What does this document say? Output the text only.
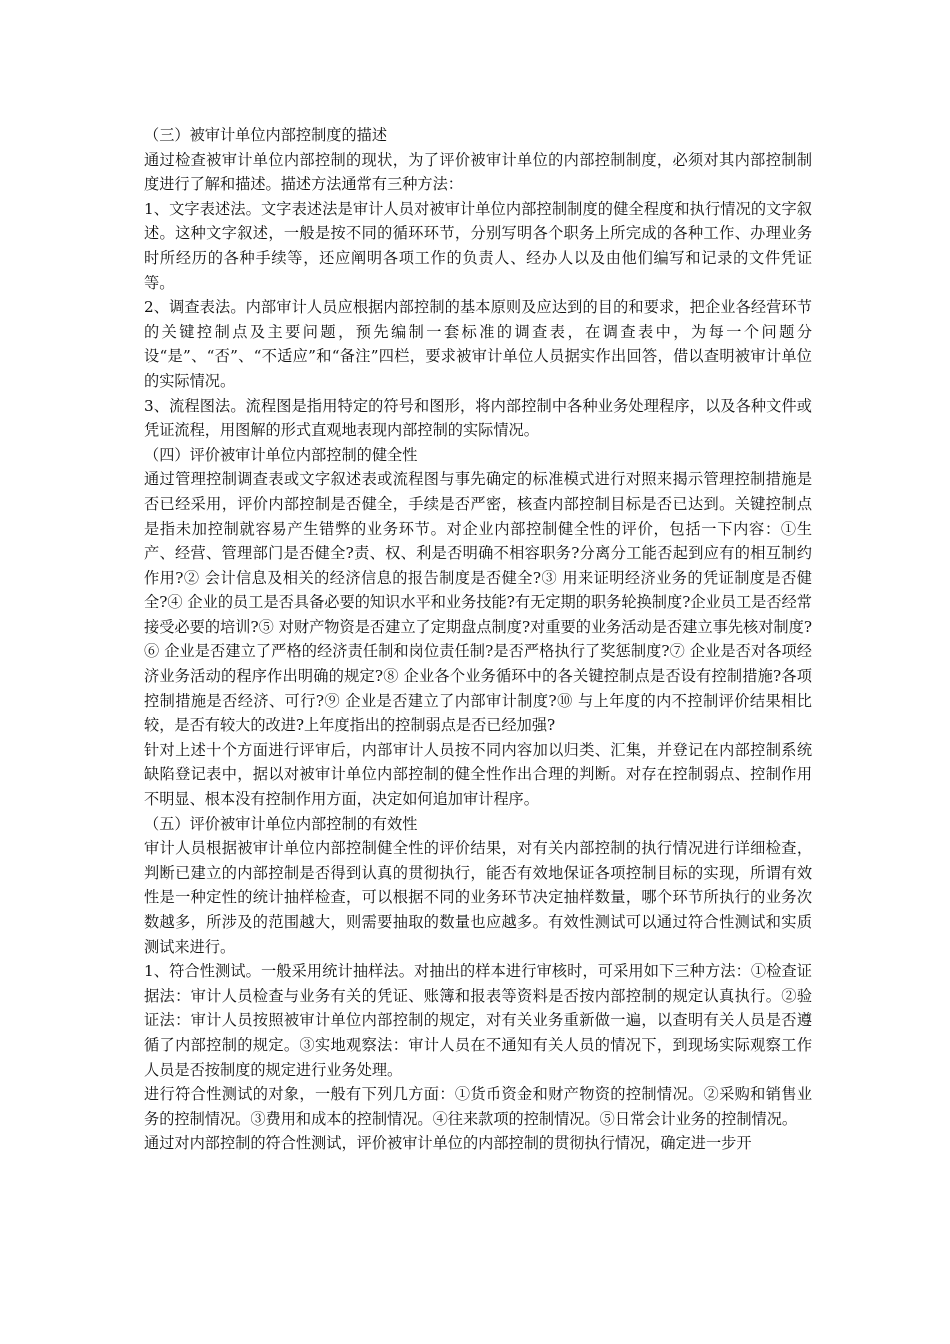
（三）被审计单位内部控制度的描述

通过检查被审计单位内部控制的现状，为了评价被审计单位的内部控制制度，必须对其内部控制制度进行了解和描述。描述方法通常有三种方法：

1、文字表述法。文字表述法是审计人员对被审计单位内部控制制度的健全程度和执行情况的文字叙述。这种文字叙述，一般是按不同的循环环节，分别写明各个职务上所完成的各种工作、办理业务时所经历的各种手续等，还应阐明各项工作的负责人、经办人以及由他们编写和记录的文件凭证等。

2、调查表法。内部审计人员应根据内部控制的基本原则及应达到的目的和要求，把企业各经营环节的关键控制点及主要问题，预先编制一套标准的调查表，在调查表中，为每一个问题分设“是”、“否”、“不适应”和“备注”四栏，要求被审计单位人员据实作出回答，借以查明被审计单位的实际情况。

3、流程图法。流程图是指用特定的符号和图形，将内部控制中各种业务处理程序，以及各种文件或凭证流程，用图解的形式直观地表现内部控制的实际情况。

（四）评价被审计单位内部控制的健全性

通过管理控制调查表或文字叙述表或流程图与事先确定的标准模式进行对照来揭示管理控制措施是否已经采用，评价内部控制是否健全，手续是否严密，核查内部控制目标是否已达到。关键控制点是指未加控制就容易产生错弊的业务环节。对企业内部控制健全性的评价，包括一下内容：①生产、经营、管理部门是否健全?责、权、利是否明确不相容职务?分离分工能否起到应有的相互制约作用?② 会计信息及相关的经济信息的报告制度是否健全?③ 用来证明经济业务的凭证制度是否健全?④ 企业的员工是否具备必要的知识水平和业务技能?有无定期的职务轮换制度?企业员工是否经常接受必要的培训?⑤ 对财产物资是否建立了定期盘点制度?对重要的业务活动是否建立事先核对制度?⑥ 企业是否建立了严格的经济责任制和岗位责任制?是否严格执行了奖惩制度?⑦ 企业是否对各项经济业务活动的程序作出明确的规定?⑧ 企业各个业务循环中的各关键控制点是否设有控制措施?各项控制措施是否经济、可行?⑨ 企业是否建立了内部审计制度?⑩ 与上年度的内不控制评价结果相比较，是否有较大的改进?上年度指出的控制弱点是否已经加强?

针对上述十个方面进行评审后，内部审计人员按不同内容加以归类、汇集，并登记在内部控制系统缺陷登记表中，据以对被审计单位内部控制的健全性作出合理的判断。对存在控制弱点、控制作用不明显、根本没有控制作用方面，决定如何追加审计程序。

（五）评价被审计单位内部控制的有效性

审计人员根据被审计单位内部控制健全性的评价结果，对有关内部控制的执行情况进行详细检查，判断已建立的内部控制是否得到认真的贯彻执行，能否有效地保证各项控制目标的实现，所谓有效性是一种定性的统计抽样检查，可以根据不同的业务环节决定抽样数量，哪个环节所执行的业务次数越多，所涉及的范围越大，则需要抽取的数量也应越多。有效性测试可以通过符合性测试和实质测试来进行。

1、符合性测试。一般采用统计抽样法。对抽出的样本进行审核时，可采用如下三种方法：①检查证据法：审计人员检查与业务有关的凭证、账簿和报表等资料是否按内部控制的规定认真执行。②验证法：审计人员按照被审计单位内部控制的规定，对有关业务重新做一遍，以查明有关人员是否遵循了内部控制的规定。③实地观察法：审计人员在不通知有关人员的情况下，到现场实际观察工作人员是否按制度的规定进行业务处理。

进行符合性测试的对象，一般有下列几方面：①货币资金和财产物资的控制情况。②采购和销售业务的控制情况。③费用和成本的控制情况。④往来款项的控制情况。⑤日常会计业务的控制情况。

通过对内部控制的符合性测试，评价被审计单位的内部控制的贯彻执行情况，确定进一步开
